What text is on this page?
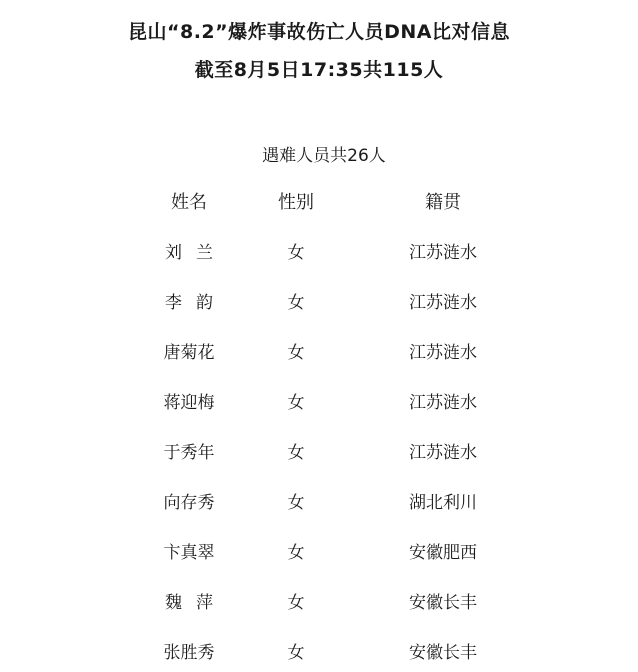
昆山“8.2”爆炸事故伤亡人员DNA比对信息
截至8月5日17:35共115人
遇难人员共26人
姓名	性别	籍贯
刘兰	女	江苏涟水
李韵	女	江苏涟水
唐菊花	女	江苏涟水
蒋迎梅	女	江苏涟水
于秀年	女	江苏涟水
向存秀	女	湖北利川
卞真翠	女	安徽肥西
魏萍	女	安徽长丰
张胜秀	女	安徽长丰
